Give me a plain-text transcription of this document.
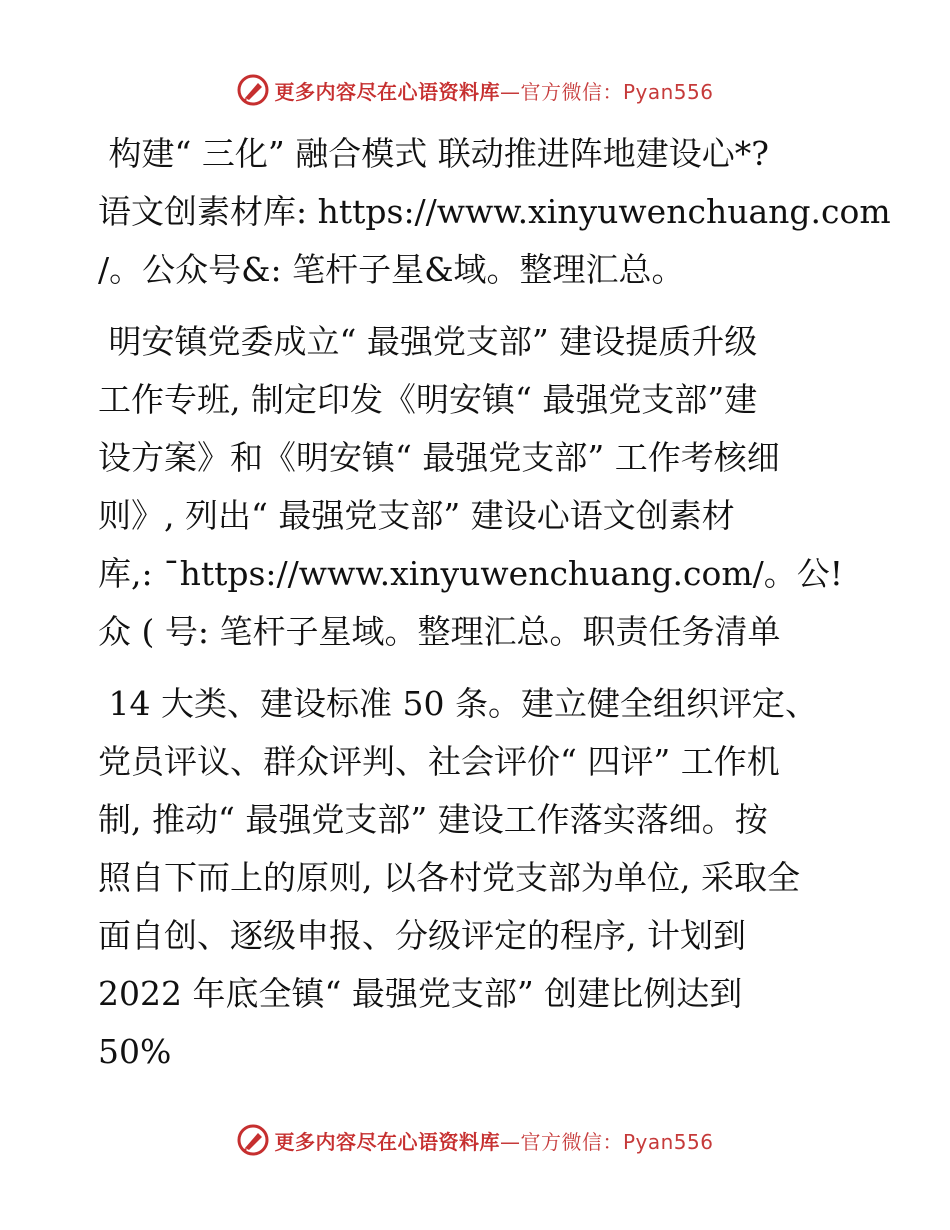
更多内容尽在心语资料库—官方微信：Pyan556

构建“ 三化” 融合模式 联动推进阵地建设心*?
语文创素材库: https://www.xinyuwenchuang.com
/。公众号&: 笔杆子星&域。整理汇总。

明安镇党委成立“ 最强党支部” 建设提质升级
工作专班, 制定印发《明安镇“ 最强党支部”建
设方案》和《明安镇“ 最强党支部” 工作考核细
则》, 列出“ 最强党支部” 建设心语文创素材
库,: ¯https://www.xinyuwenchuang.com/。公!
众 ( 号: 笔杆子星域。整理汇总。职责任务清单

14 大类、建设标准 50 条。建立健全组织评定、
党员评议、群众评判、社会评价“ 四评” 工作机
制, 推动“ 最强党支部” 建设工作落实落细。按
照自下而上的原则, 以各村党支部为单位, 采取全
面自创、逐级申报、分级评定的程序, 计划到
2022 年底全镇“ 最强党支部” 创建比例达到
50%

更多内容尽在心语资料库—官方微信：Pyan556
